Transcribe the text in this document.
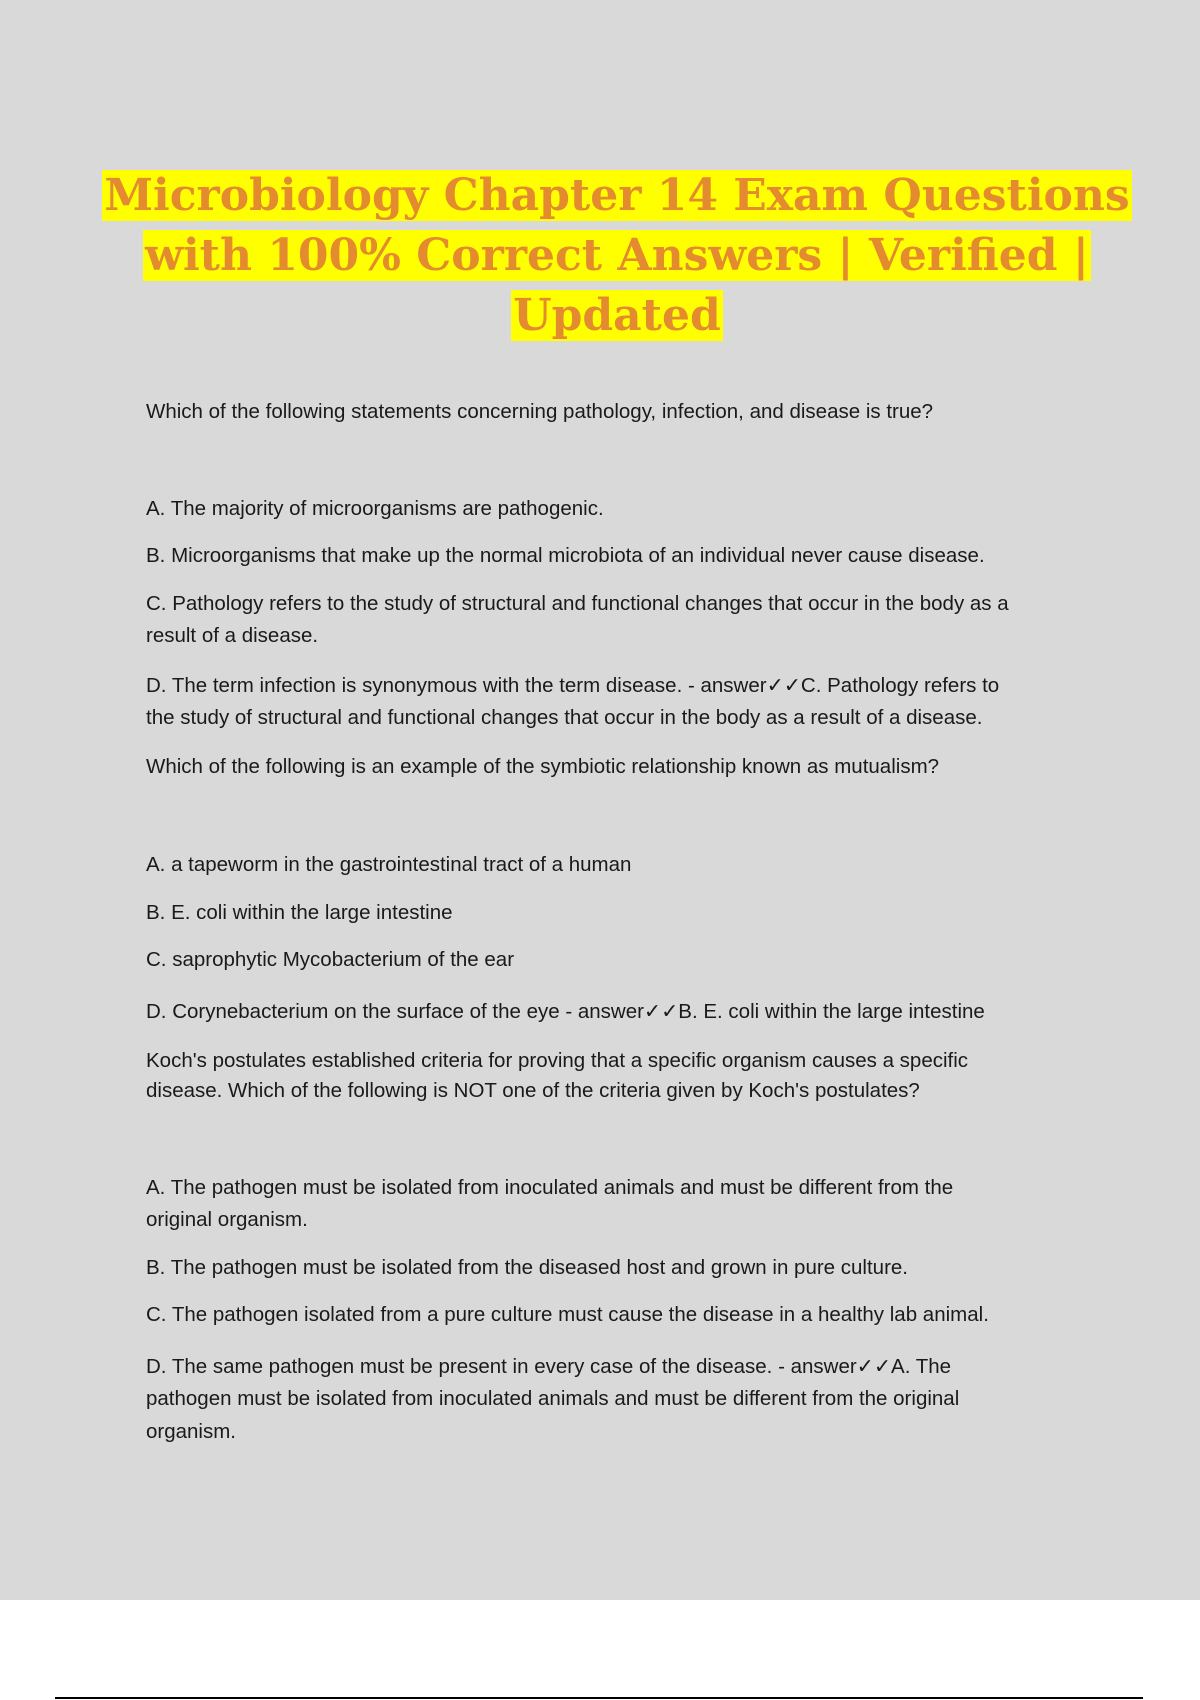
Microbiology Chapter 14 Exam Questions
with 100% Correct Answers | Verified |
Updated
Which of the following statements concerning pathology, infection, and disease is true?
A. The majority of microorganisms are pathogenic.
B. Microorganisms that make up the normal microbiota of an individual never cause disease.
C. Pathology refers to the study of structural and functional changes that occur in the body as a
result of a disease.
D. The term infection is synonymous with the term disease. - answer✓✓C. Pathology refers to
the study of structural and functional changes that occur in the body as a result of a disease.
Which of the following is an example of the symbiotic relationship known as mutualism?
A. a tapeworm in the gastrointestinal tract of a human
B. E. coli within the large intestine
C. saprophytic Mycobacterium of the ear
D. Corynebacterium on the surface of the eye - answer✓✓B. E. coli within the large intestine
Koch's postulates established criteria for proving that a specific organism causes a specific
disease. Which of the following is NOT one of the criteria given by Koch's postulates?
A. The pathogen must be isolated from inoculated animals and must be different from the
original organism.
B. The pathogen must be isolated from the diseased host and grown in pure culture.
C. The pathogen isolated from a pure culture must cause the disease in a healthy lab animal.
D. The same pathogen must be present in every case of the disease. - answer✓✓A. The
pathogen must be isolated from inoculated animals and must be different from the original
organism.
